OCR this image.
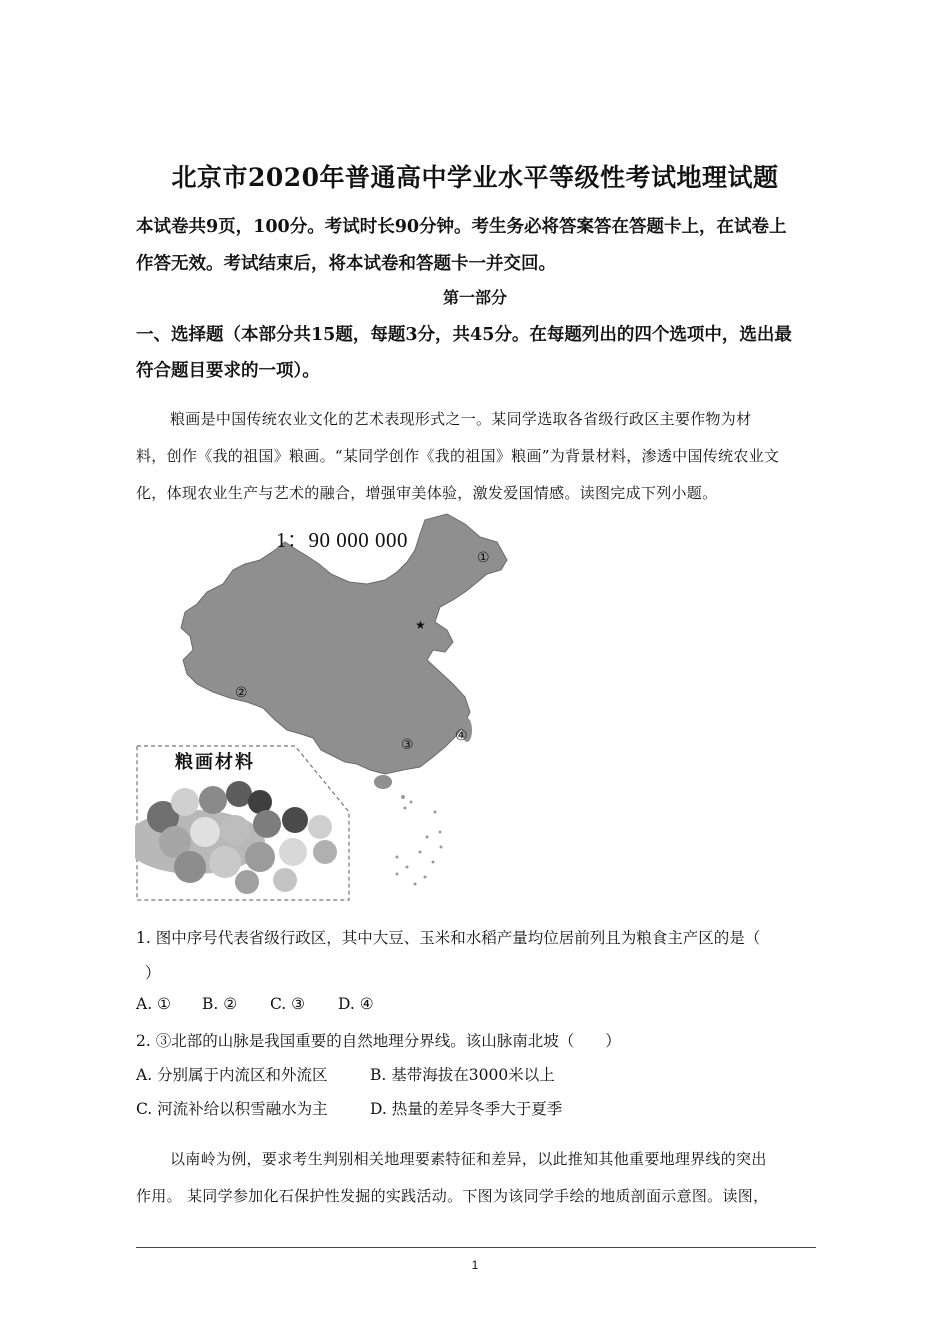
北京市2020年普通高中学业水平等级性考试地理试题
本试卷共9页，100分。考试时长90分钟。考生务必将答案答在答题卡上，在试卷上
作答无效。考试结束后，将本试卷和答题卡一并交回。
第一部分
一、选择题（本部分共15题，每题3分，共45分。在每题列出的四个选项中，选出最
符合题目要求的一项）。
粮画是中国传统农业文化的艺术表现形式之一。某同学选取各省级行政区主要作物为材
料，创作《我的祖国》粮画。“某同学创作《我的祖国》粮画”为背景材料，渗透中国传统农业文
化，体现农业生产与艺术的融合，增强审美体验，激发爱国情感。读图完成下列小题。
★
①
②
③
④
1：90 000 000
粮画材料
1. 图中序号代表省级行政区，其中大豆、玉米和水稻产量均位居前列且为粮食主产区的是（
）
A. ① B. ② C. ③ D. ④
2. ③北部的山脉是我国重要的自然地理分界线。该山脉南北坡（　　）
A. 分别属于内流区和外流区	B. 基带海拔在3000米以上
C. 河流补给以积雪融水为主	D. 热量的差异冬季大于夏季
以南岭为例，要求考生判别相关地理要素特征和差异，以此推知其他重要地理界线的突出
作用。 某同学参加化石保护性发掘的实践活动。下图为该同学手绘的地质剖面示意图。读图，
1
